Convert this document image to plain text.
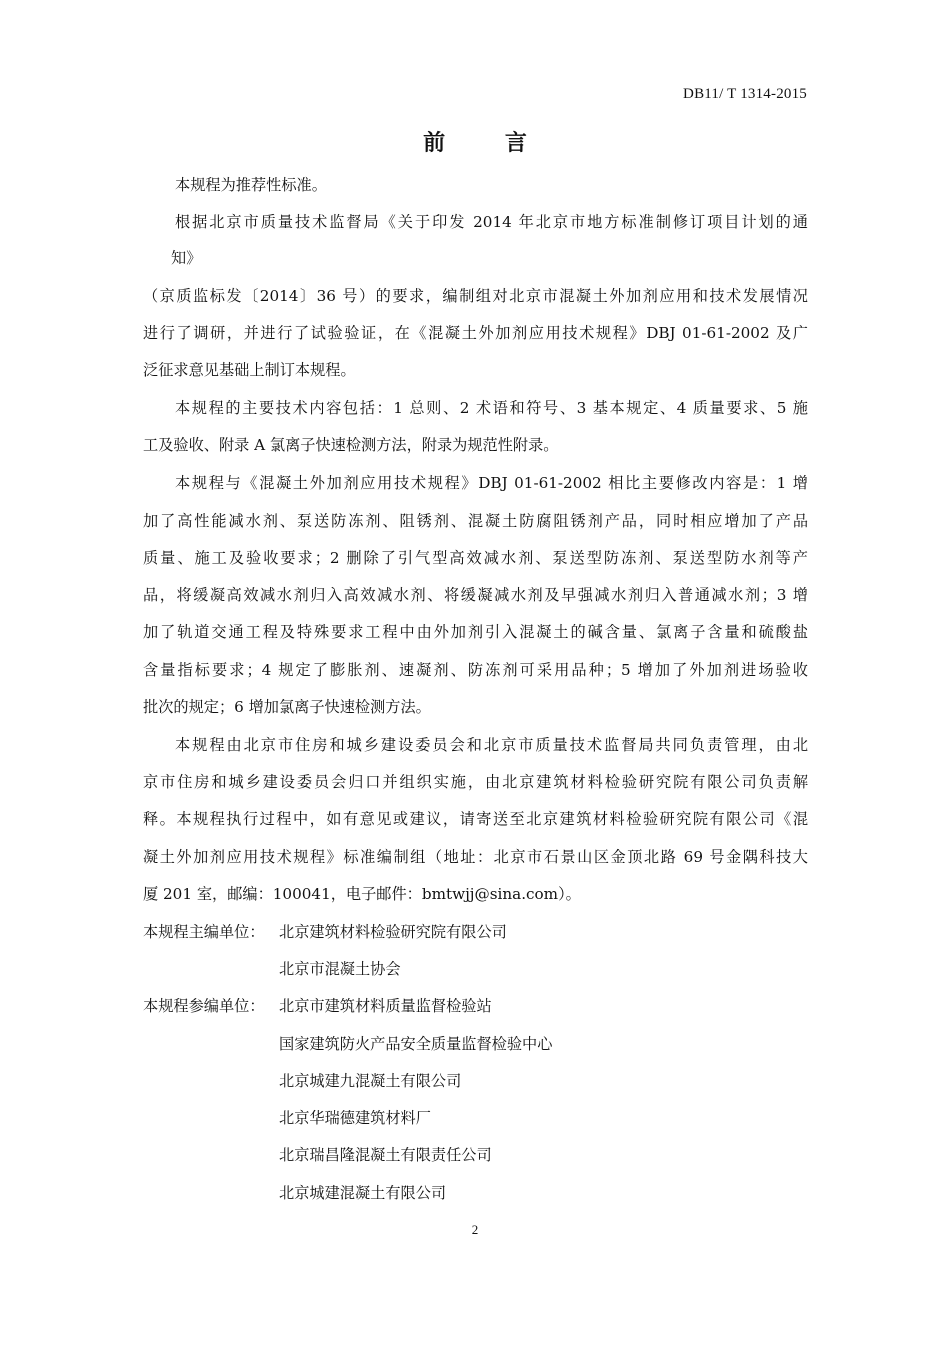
DB11/ T 1314-2015
前 言
本规程为推荐性标准。
根据北京市质量技术监督局《关于印发 2014 年北京市地方标准制修订项目计划的通
知》
（京质监标发〔2014〕36 号）的要求，编制组对北京市混凝土外加剂应用和技术发展情况
进行了调研，并进行了试验验证，在《混凝土外加剂应用技术规程》DBJ 01-61-2002 及广
泛征求意见基础上制订本规程。
本规程的主要技术内容包括：1 总则、2 术语和符号、3 基本规定、4 质量要求、5 施
工及验收、附录 A 氯离子快速检测方法，附录为规范性附录。
本规程与《混凝土外加剂应用技术规程》DBJ 01-61-2002 相比主要修改内容是：1 增
加了高性能减水剂、泵送防冻剂、阻锈剂、混凝土防腐阻锈剂产品，同时相应增加了产品
质量、施工及验收要求；2 删除了引气型高效减水剂、泵送型防冻剂、泵送型防水剂等产
品，将缓凝高效减水剂归入高效减水剂、将缓凝减水剂及早强减水剂归入普通减水剂；3 增
加了轨道交通工程及特殊要求工程中由外加剂引入混凝土的碱含量、氯离子含量和硫酸盐
含量指标要求；4 规定了膨胀剂、速凝剂、防冻剂可采用品种；5 增加了外加剂进场验收
批次的规定；6 增加氯离子快速检测方法。
本规程由北京市住房和城乡建设委员会和北京市质量技术监督局共同负责管理，由北
京市住房和城乡建设委员会归口并组织实施，由北京建筑材料检验研究院有限公司负责解
释。本规程执行过程中，如有意见或建议，请寄送至北京建筑材料检验研究院有限公司《混
凝土外加剂应用技术规程》标准编制组（地址：北京市石景山区金顶北路 69 号金隅科技大
厦 201 室，邮编：100041，电子邮件：bmtwjj@sina.com）。
本规程主编单位： 北京建筑材料检验研究院有限公司
北京市混凝土协会
本规程参编单位： 北京市建筑材料质量监督检验站
国家建筑防火产品安全质量监督检验中心
北京城建九混凝土有限公司
北京华瑞德建筑材料厂
北京瑞昌隆混凝土有限责任公司
北京城建混凝土有限公司
2
